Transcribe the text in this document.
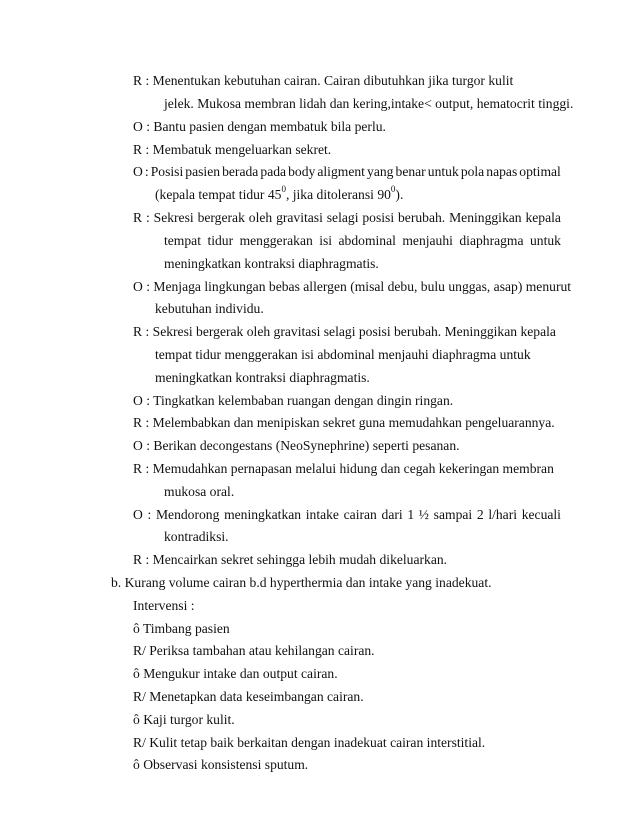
R : Menentukan kebutuhan cairan. Cairan dibutuhkan jika turgor kulit
jelek. Mukosa membran lidah dan kering,intake< output, hematocrit tinggi.
O : Bantu pasien dengan membatuk bila perlu.
R : Membatuk mengeluarkan sekret.
O : Posisi pasien berada pada body aligment yang benar untuk pola napas optimal
(kepala tempat tidur $45^0$, jika ditoleransi $90^0$).
R : Sekresi bergerak oleh gravitasi selagi posisi berubah. Meninggikan kepala
tempat tidur menggerakan isi abdominal menjauhi diaphragma untuk
meningkatkan kontraksi diaphragmatis.
O : Menjaga lingkungan bebas allergen (misal debu, bulu unggas, asap) menurut
kebutuhan individu.
R : Sekresi bergerak oleh gravitasi selagi posisi berubah. Meninggikan kepala
tempat tidur menggerakan isi abdominal menjauhi diaphragma untuk
meningkatkan kontraksi diaphragmatis.
O : Tingkatkan kelembaban ruangan dengan dingin ringan.
R : Melembabkan dan menipiskan sekret guna memudahkan pengeluarannya.
O : Berikan decongestans (NeoSynephrine) seperti pesanan.
R : Memudahkan pernapasan melalui hidung dan cegah kekeringan membran
mukosa oral.
O : Mendorong meningkatkan intake cairan dari 1 ½ sampai 2 l/hari kecuali
kontradiksi.
R : Mencairkan sekret sehingga lebih mudah dikeluarkan.
b. Kurang volume cairan b.d hyperthermia dan intake yang inadekuat.
Intervensi :
ô Timbang pasien
R/ Periksa tambahan atau kehilangan cairan.
ô Mengukur intake dan output cairan.
R/ Menetapkan data keseimbangan cairan.
ô Kaji turgor kulit.
R/ Kulit tetap baik berkaitan dengan inadekuat cairan interstitial.
ô Observasi konsistensi sputum.
